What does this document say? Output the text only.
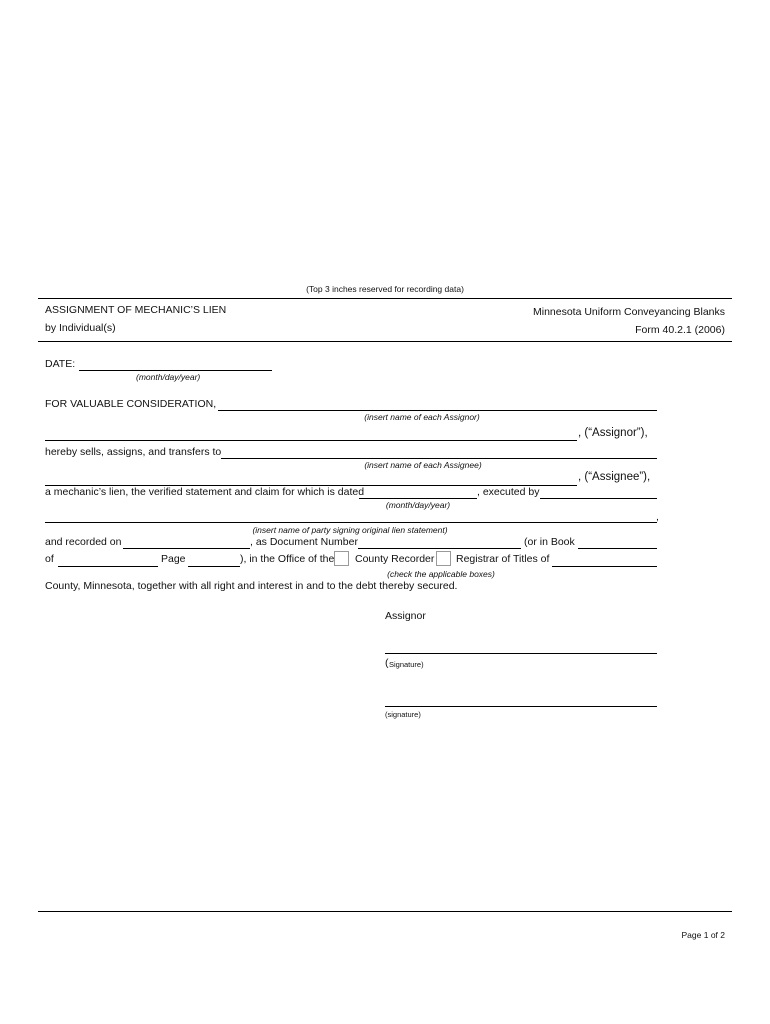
(Top 3 inches reserved for recording data)
ASSIGNMENT OF MECHANIC’S LIEN
by Individual(s)
Minnesota Uniform Conveyancing Blanks
Form 40.2.1 (2006)
DATE:
(month/day/year)
FOR VALUABLE CONSIDERATION,
(insert name of each Assignor)
, (“Assignor”),
hereby sells, assigns, and transfers to
(insert name of each Assignee)
, (“Assignee”),
a mechanic’s lien, the verified statement and claim for which is dated	, executed by
(month/day/year)
,
(insert name of party signing original lien statement)
and recorded on	, as Document Number	(or in Book
of	Page	), in the Office of the County Recorder Registrar of Titles of
(check the applicable boxes)
County, Minnesota, together with all right and interest in and to the debt thereby secured.
Assignor
( Signature)
(signature)
Page 1 of 2
